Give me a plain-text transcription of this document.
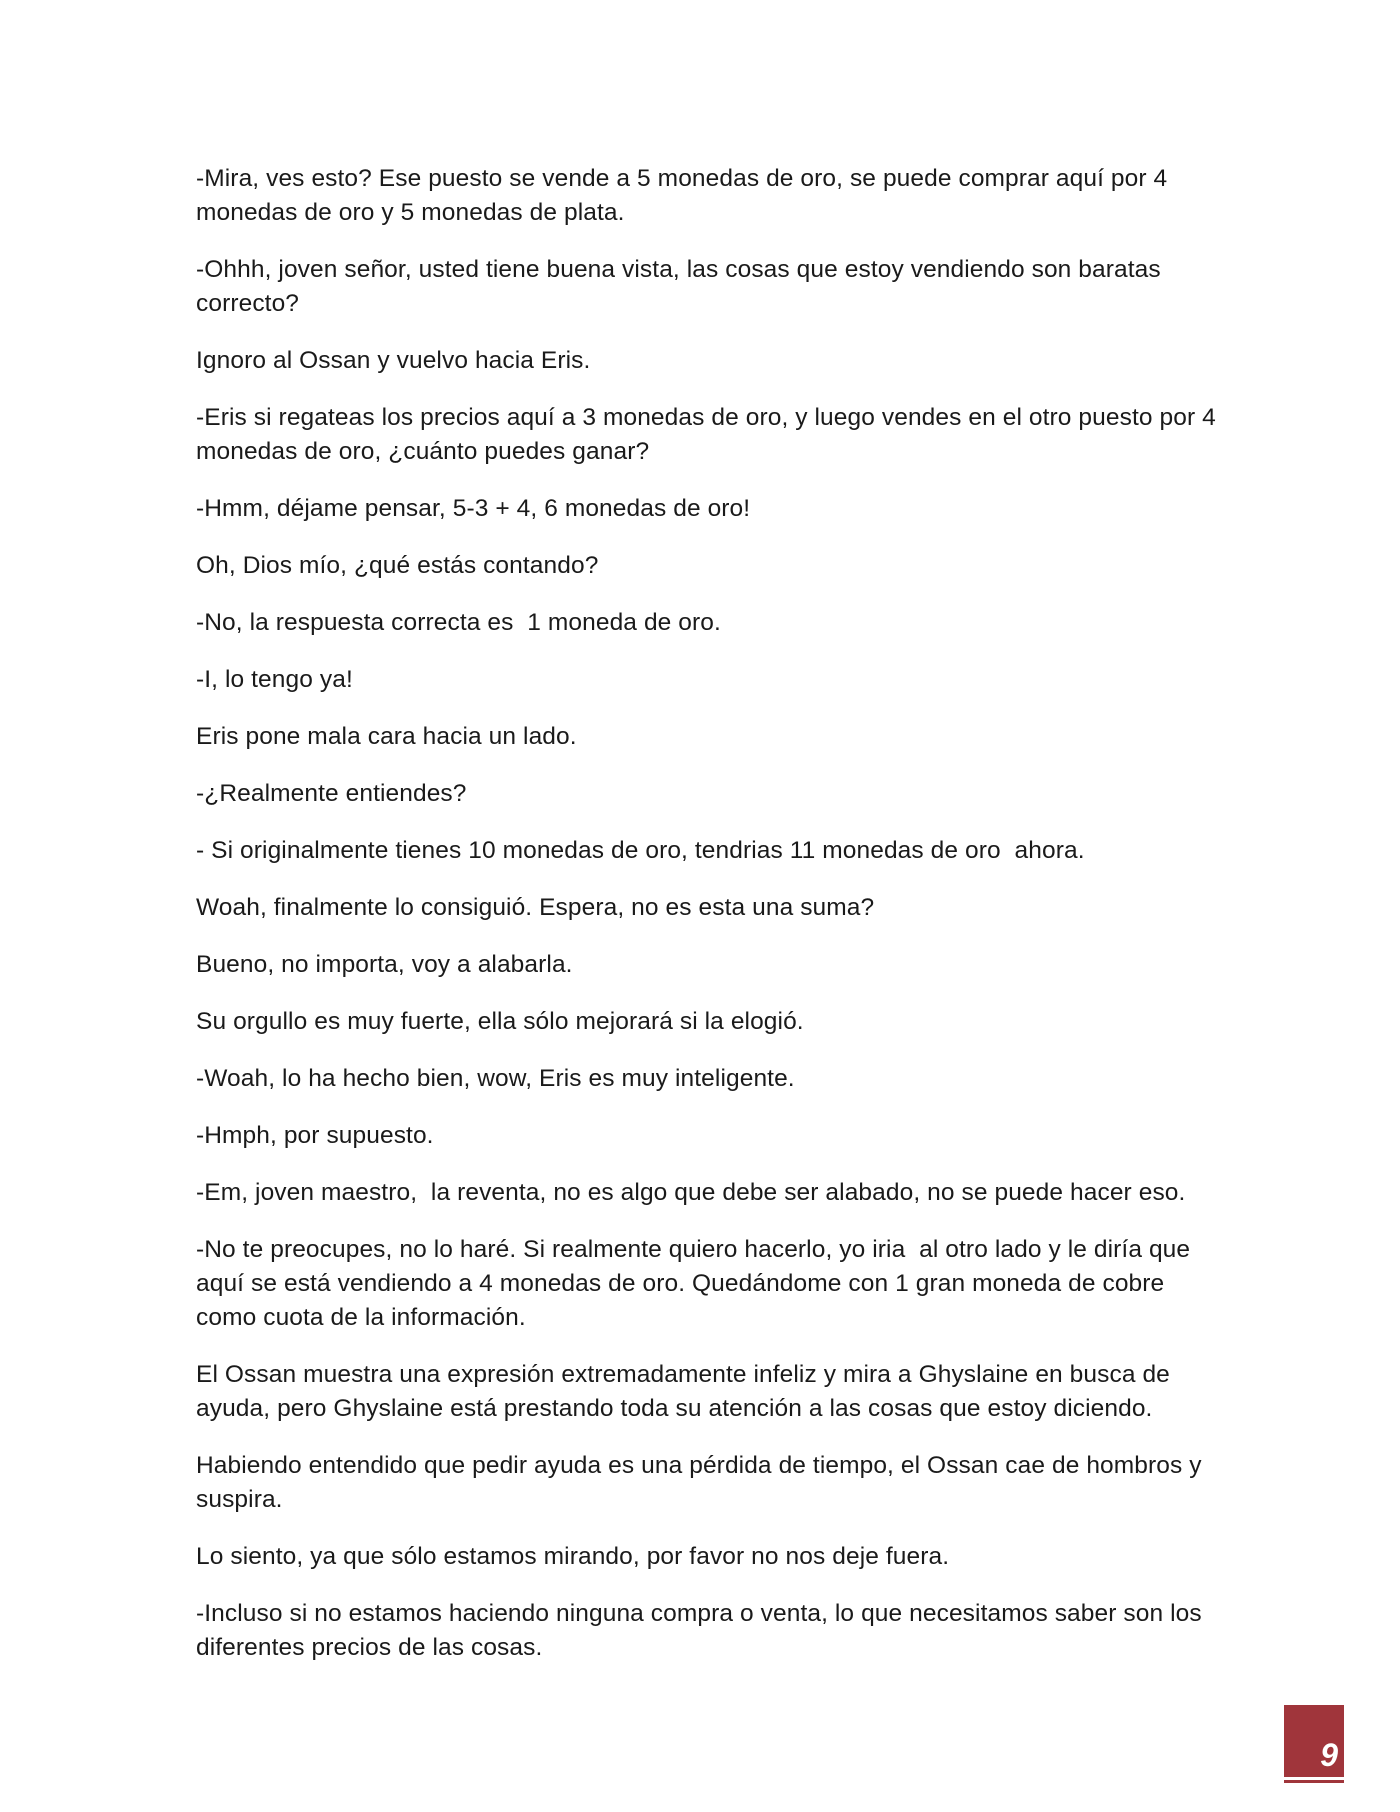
-Mira, ves esto? Ese puesto se vende a 5 monedas de oro, se puede comprar aquí por 4 monedas de oro y 5 monedas de plata.

-Ohhh, joven señor, usted tiene buena vista, las cosas que estoy vendiendo son baratas correcto?

Ignoro al Ossan y vuelvo hacia Eris.

-Eris si regateas los precios aquí a 3 monedas de oro, y luego vendes en el otro puesto por 4 monedas de oro, ¿cuánto puedes ganar?

-Hmm, déjame pensar, 5-3 + 4, 6 monedas de oro!

Oh, Dios mío, ¿qué estás contando?

-No, la respuesta correcta es  1 moneda de oro.

-I, lo tengo ya!

Eris pone mala cara hacia un lado.

-¿Realmente entiendes?

- Si originalmente tienes 10 monedas de oro, tendrias 11 monedas de oro  ahora.

Woah, finalmente lo consiguió. Espera, no es esta una suma?

Bueno, no importa, voy a alabarla.

Su orgullo es muy fuerte, ella sólo mejorará si la elogió.

-Woah, lo ha hecho bien, wow, Eris es muy inteligente.

-Hmph, por supuesto.

-Em, joven maestro,  la reventa, no es algo que debe ser alabado, no se puede hacer eso.

-No te preocupes, no lo haré. Si realmente quiero hacerlo, yo iria  al otro lado y le diría que aquí se está vendiendo a 4 monedas de oro. Quedándome con 1 gran moneda de cobre como cuota de la información.

El Ossan muestra una expresión extremadamente infeliz y mira a Ghyslaine en busca de ayuda, pero Ghyslaine está prestando toda su atención a las cosas que estoy diciendo.

Habiendo entendido que pedir ayuda es una pérdida de tiempo, el Ossan cae de hombros y suspira.

Lo siento, ya que sólo estamos mirando, por favor no nos deje fuera.

-Incluso si no estamos haciendo ninguna compra o venta, lo que necesitamos saber son los diferentes precios de las cosas.

9
